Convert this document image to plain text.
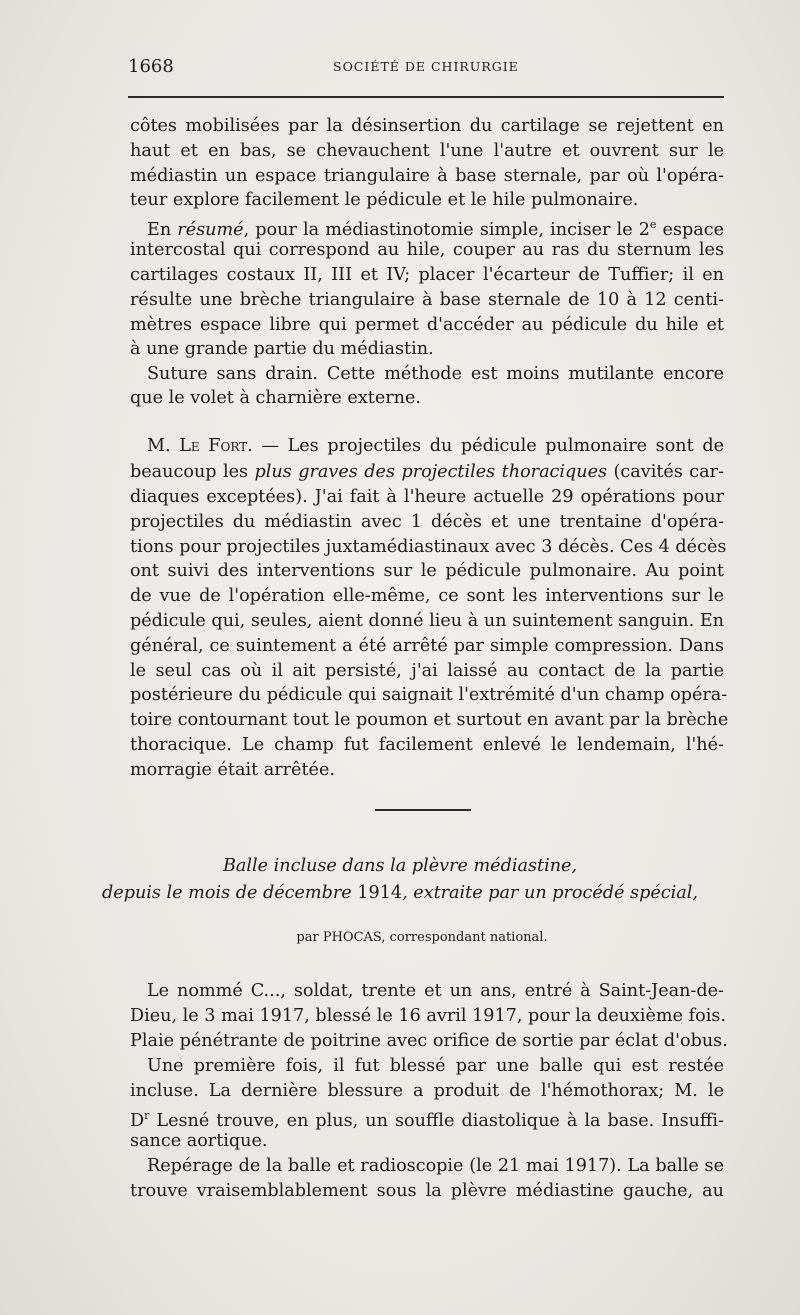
1668	SOCIÉTÉ DE CHIRURGIE
côtes mobilisées par la désinsertion du cartilage se rejettent en
haut et en bas, se chevauchent l'une l'autre et ouvrent sur le
médiastin un espace triangulaire à base sternale, par où l'opéra-
teur explore facilement le pédicule et le hile pulmonaire.
En résumé, pour la médiastinotomie simple, inciser le 2e espace
intercostal qui correspond au hile, couper au ras du sternum les
cartilages costaux II, III et IV; placer l'écarteur de Tuffier; il en
résulte une brèche triangulaire à base sternale de 10 à 12 centi-
mètres espace libre qui permet d'accéder au pédicule du hile et
à une grande partie du médiastin.
Suture sans drain. Cette méthode est moins mutilante encore
que le volet à charnière externe.
M. Le Fort. — Les projectiles du pédicule pulmonaire sont de
beaucoup les plus graves des projectiles thoraciques (cavités car-
diaques exceptées). J'ai fait à l'heure actuelle 29 opérations pour
projectiles du médiastin avec 1 décès et une trentaine d'opéra-
tions pour projectiles juxtamédiastinaux avec 3 décès. Ces 4 décès
ont suivi des interventions sur le pédicule pulmonaire. Au point
de vue de l'opération elle-même, ce sont les interventions sur le
pédicule qui, seules, aient donné lieu à un suintement sanguin. En
général, ce suintement a été arrêté par simple compression. Dans
le seul cas où il ait persisté, j'ai laissé au contact de la partie
postérieure du pédicule qui saignait l'extrémité d'un champ opéra-
toire contournant tout le poumon et surtout en avant par la brèche
thoracique. Le champ fut facilement enlevé le lendemain, l'hé-
morragie était arrêtée.
Balle incluse dans la plèvre médiastine,
depuis le mois de décembre 1914, extraite par un procédé spécial,
par PHOCAS, correspondant national.
Le nommé C..., soldat, trente et un ans, entré à Saint-Jean-de-
Dieu, le 3 mai 1917, blessé le 16 avril 1917, pour la deuxième fois.
Plaie pénétrante de poitrine avec orifice de sortie par éclat d'obus.
Une première fois, il fut blessé par une balle qui est restée
incluse. La dernière blessure a produit de l'hémothorax; M. le
$D^r$ Lesné trouve, en plus, un souffle diastolique à la base. Insuffi-
sance aortique.
Repérage de la balle et radioscopie (le 21 mai 1917). La balle se
trouve vraisemblablement sous la plèvre médiastine gauche, au
